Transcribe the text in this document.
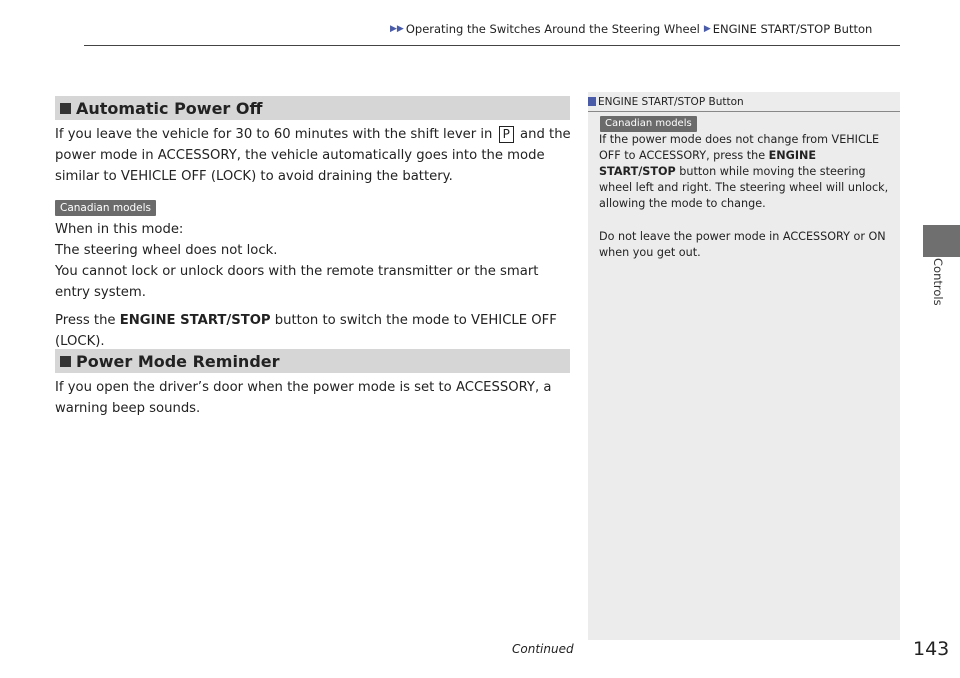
▶▶ Operating the Switches Around the Steering Wheel ▶ ENGINE START/STOP Button
Controls
Automatic Power Off
If you leave the vehicle for 30 to 60 minutes with the shift lever in P and the power mode in ACCESSORY, the vehicle automatically goes into the mode similar to VEHICLE OFF (LOCK) to avoid draining the battery.
Canadian models
When in this mode:
The steering wheel does not lock.
You cannot lock or unlock doors with the remote transmitter or the smart entry system.
Press the ENGINE START/STOP button to switch the mode to VEHICLE OFF (LOCK).
Power Mode Reminder
If you open the driver’s door when the power mode is set to ACCESSORY, a warning beep sounds.
ENGINE START/STOP Button
Canadian models
If the power mode does not change from VEHICLE OFF to ACCESSORY, press the ENGINE START/STOP button while moving the steering wheel left and right. The steering wheel will unlock, allowing the mode to change.
Do not leave the power mode in ACCESSORY or ON when you get out.
Continued	143
